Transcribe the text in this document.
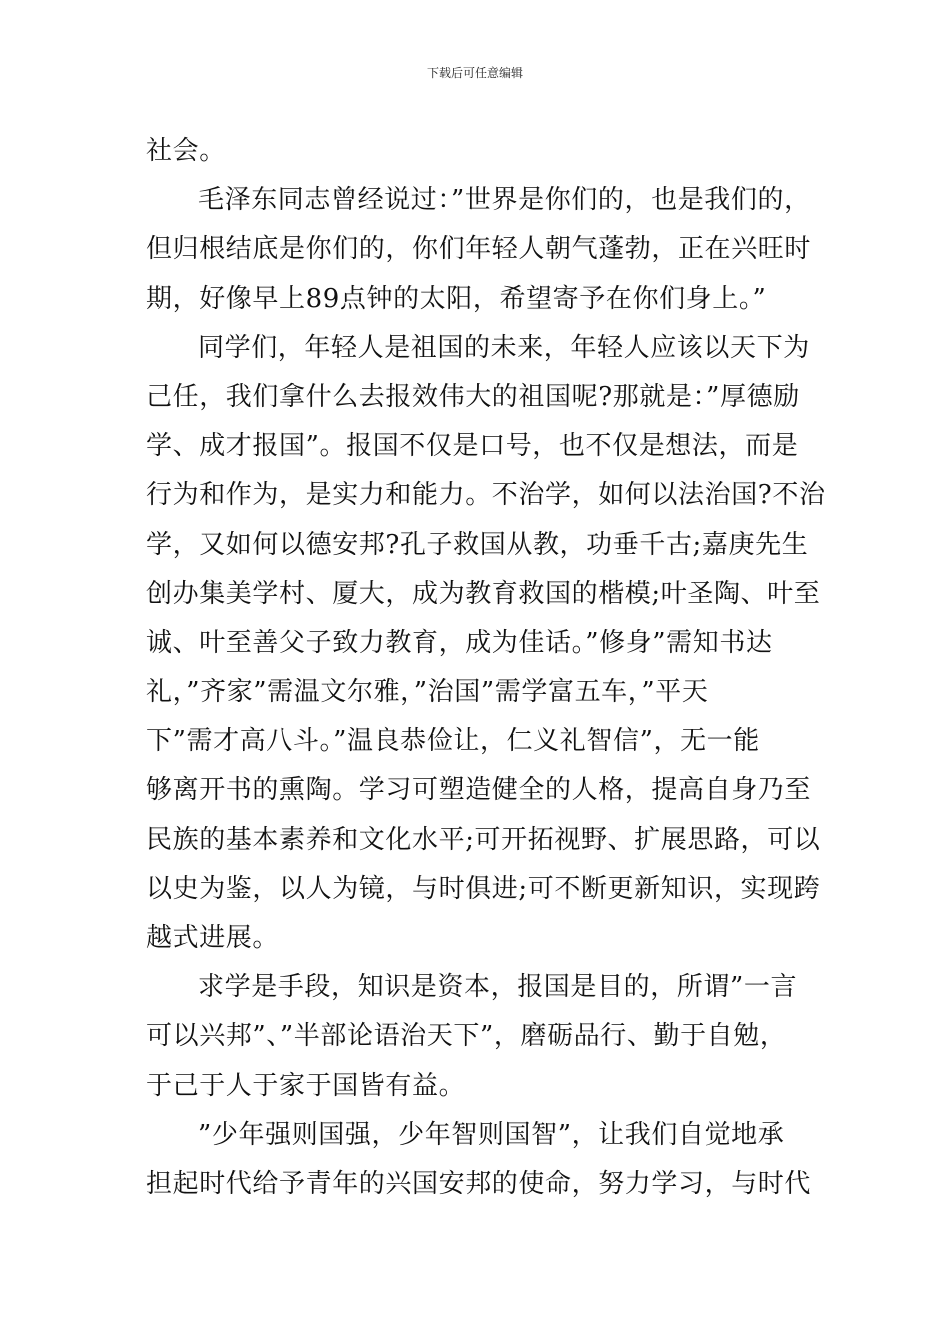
下载后可任意编辑
社会。
毛泽东同志曾经说过：”世界是你们的，也是我们的，
但归根结底是你们的，你们年轻人朝气蓬勃，正在兴旺时
期，好像早上89点钟的太阳，希望寄予在你们身上。”
同学们，年轻人是祖国的未来，年轻人应该以天下为
己任，我们拿什么去报效伟大的祖国呢?那就是：”厚德励
学、成才报国”。报国不仅是口号，也不仅是想法，而是
行为和作为，是实力和能力。不治学，如何以法治国?不治
学，又如何以德安邦?孔子救国从教，功垂千古;嘉庚先生
创办集美学村、厦大，成为教育救国的楷模;叶圣陶、叶至
诚、叶至善父子致力教育，成为佳话。”修身”需知书达
礼，”齐家”需温文尔雅，”治国”需学富五车，”平天
下”需才高八斗。”温良恭俭让，仁义礼智信”，无一能
够离开书的熏陶。学习可塑造健全的人格，提高自身乃至
民族的基本素养和文化水平;可开拓视野、扩展思路，可以
以史为鉴，以人为镜，与时俱进;可不断更新知识，实现跨
越式进展。
求学是手段，知识是资本，报国是目的，所谓”一言
可以兴邦”、”半部论语治天下”，磨砺品行、勤于自勉，
于己于人于家于国皆有益。
”少年强则国强，少年智则国智”，让我们自觉地承
担起时代给予青年的兴国安邦的使命，努力学习，与时代
